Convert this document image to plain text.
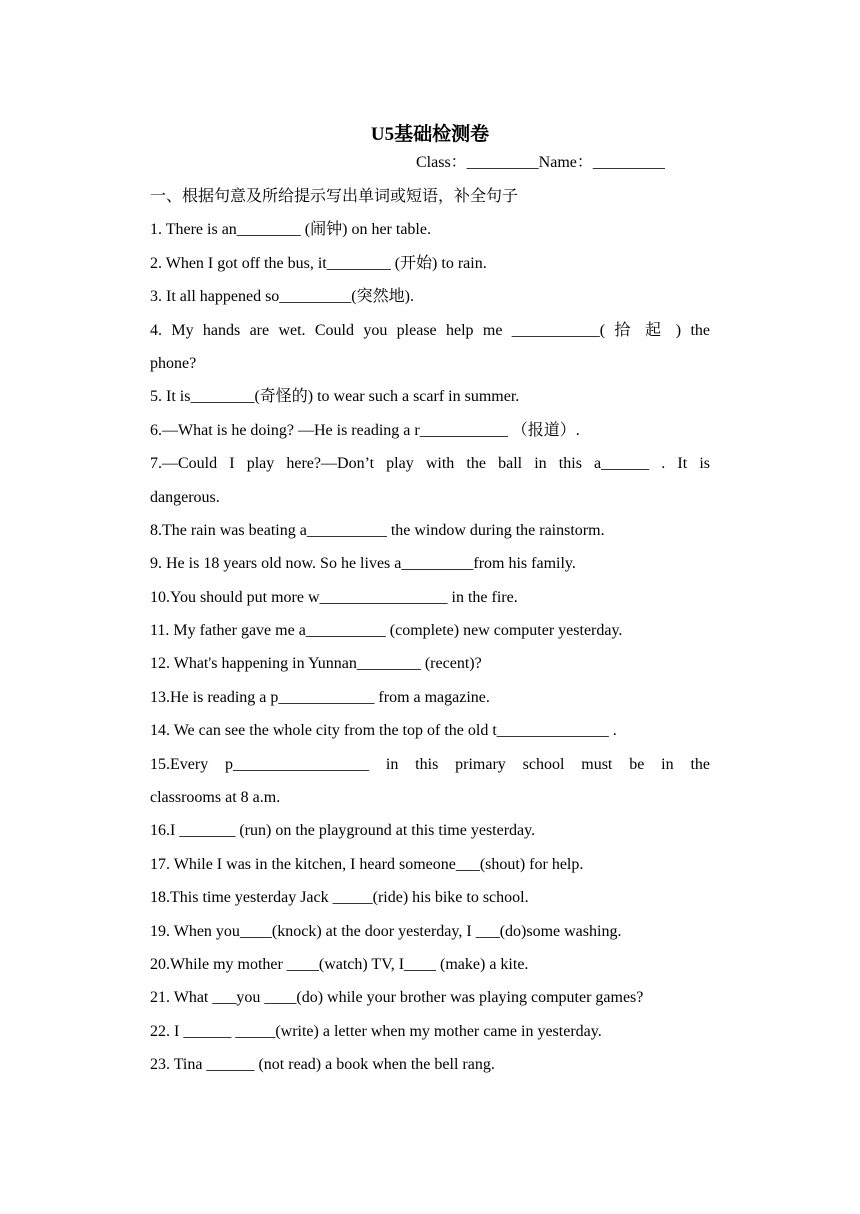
U5基础检测卷
Class：_________Name：_________
一、根据句意及所给提示写出单词或短语，补全句子
1. There is an________ (闹钟) on her table.
2. When I got off the bus, it________ (开始) to rain.
3. It all happened so_________(突然地).
4. My hands are wet. Could you please help me ___________( 拾 起 ) the
phone?
5. It is________(奇怪的) to wear such a scarf in summer.
6.—What is he doing? —He is reading a r___________ （报道）.
7.—Could I play here?—Don’t play with the ball in this a______ . It is
dangerous.
8.The rain was beating a__________ the window during the rainstorm.
9. He is 18 years old now. So he lives a_________from his family.
10.You should put more w________________ in the fire.
11. My father gave me a__________ (complete) new computer yesterday.
12. What's happening in Yunnan________ (recent)?
13.He is reading a p____________ from a magazine.
14. We can see the whole city from the top of the old t______________ .
15.Every p_________________ in this primary school must be in the
classrooms at 8 a.m.
16.I _______ (run) on the playground at this time yesterday.
17. While I was in the kitchen, I heard someone___(shout) for help.
18.This time yesterday Jack _____(ride) his bike to school.
19. When you____(knock) at the door yesterday, I ___(do)some washing.
20.While my mother ____(watch) TV, I____ (make) a kite.
21. What ___you ____(do) while your brother was playing computer games?
22. I ______ _____(write) a letter when my mother came in yesterday.
23. Tina ______ (not read) a book when the bell rang.
